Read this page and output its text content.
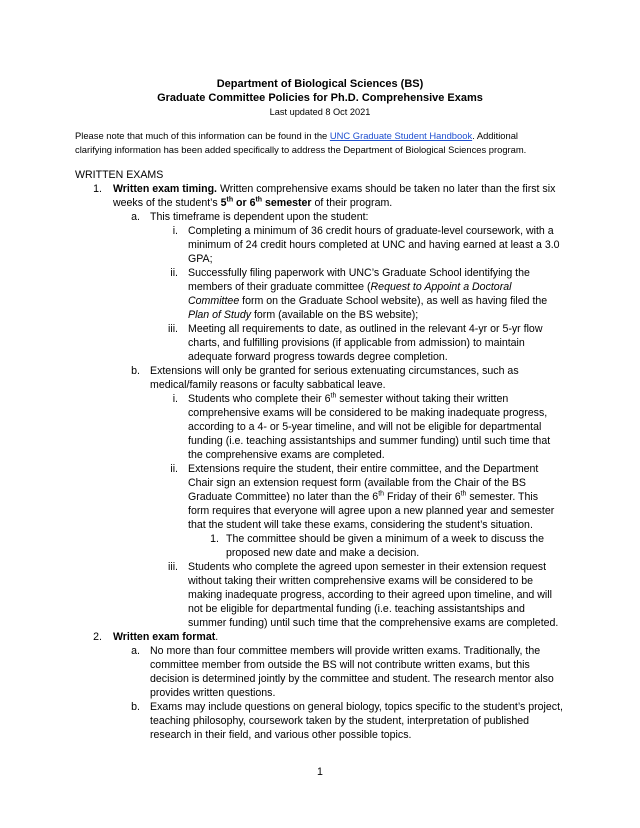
Department of Biological Sciences (BS)
Graduate Committee Policies for Ph.D. Comprehensive Exams
Last updated 8 Oct 2021
Please note that much of this information can be found in the UNC Graduate Student Handbook. Additional
clarifying information has been added specifically to address the Department of Biological Sciences program.
WRITTEN EXAMS
1. Written exam timing. Written comprehensive exams should be taken no later than the first six
weeks of the student’s 5th or 6th semester of their program.
a. This timeframe is dependent upon the student:
i. Completing a minimum of 36 credit hours of graduate-level coursework, with a
minimum of 24 credit hours completed at UNC and having earned at least a 3.0
GPA;
ii. Successfully filing paperwork with UNC’s Graduate School identifying the
members of their graduate committee (Request to Appoint a Doctoral
Committee form on the Graduate School website), as well as having filed the
Plan of Study form (available on the BS website);
iii. Meeting all requirements to date, as outlined in the relevant 4-yr or 5-yr flow
charts, and fulfilling provisions (if applicable from admission) to maintain
adequate forward progress towards degree completion.
b. Extensions will only be granted for serious extenuating circumstances, such as
medical/family reasons or faculty sabbatical leave.
i. Students who complete their 6th semester without taking their written
comprehensive exams will be considered to be making inadequate progress,
according to a 4- or 5-year timeline, and will not be eligible for departmental
funding (i.e. teaching assistantships and summer funding) until such time that
the comprehensive exams are completed.
ii. Extensions require the student, their entire committee, and the Department
Chair sign an extension request form (available from the Chair of the BS
Graduate Committee) no later than the 6th Friday of their 6th semester. This
form requires that everyone will agree upon a new planned year and semester
that the student will take these exams, considering the student’s situation.
1. The committee should be given a minimum of a week to discuss the
proposed new date and make a decision.
iii. Students who complete the agreed upon semester in their extension request
without taking their written comprehensive exams will be considered to be
making inadequate progress, according to their agreed upon timeline, and will
not be eligible for departmental funding (i.e. teaching assistantships and
summer funding) until such time that the comprehensive exams are completed.
2. Written exam format.
a. No more than four committee members will provide written exams. Traditionally, the
committee member from outside the BS will not contribute written exams, but this
decision is determined jointly by the committee and student. The research mentor also
provides written questions.
b. Exams may include questions on general biology, topics specific to the student’s project,
teaching philosophy, coursework taken by the student, interpretation of published
research in their field, and various other possible topics.
1
